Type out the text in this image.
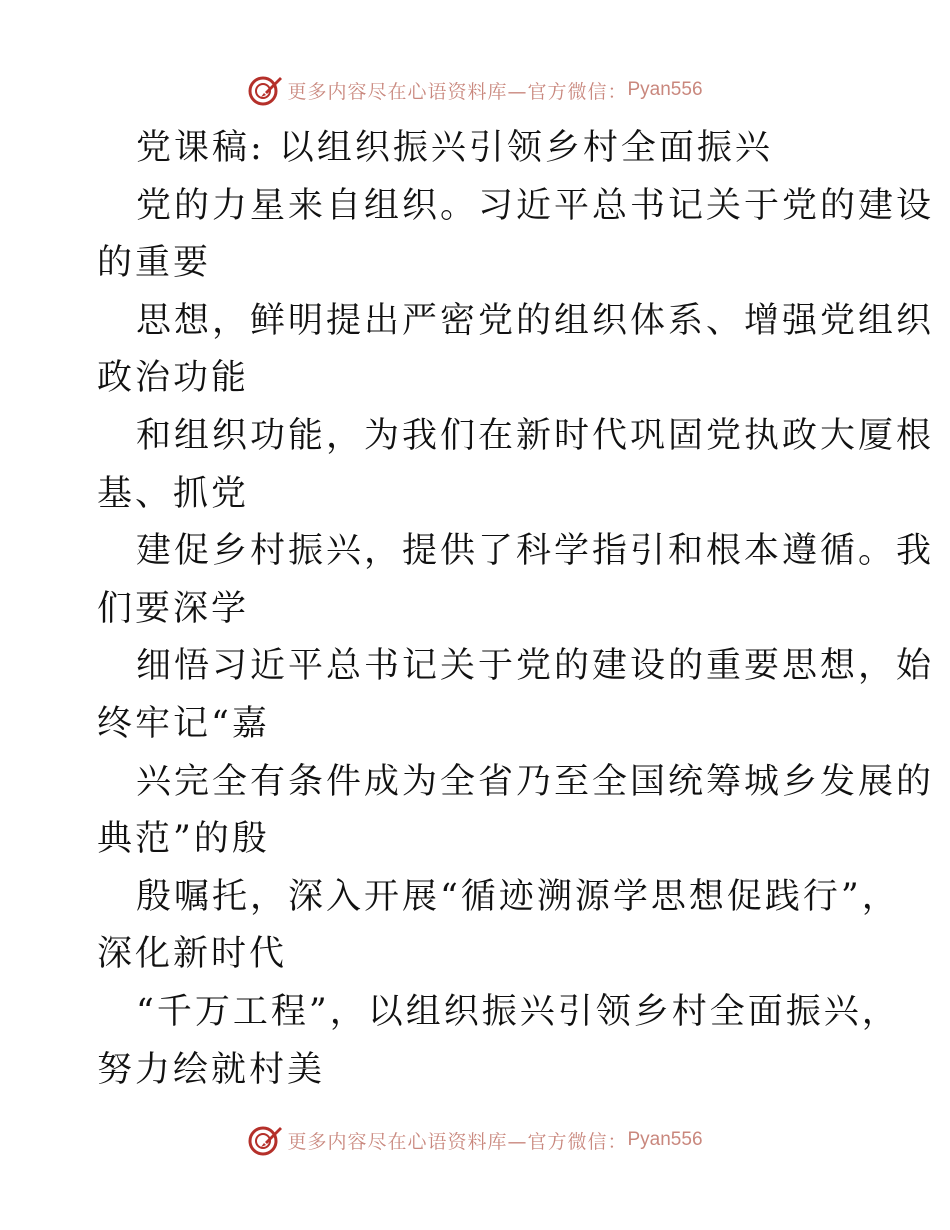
更多内容尽在心语资料库—官方微信： Pyan556
党课稿: 以组织振兴引领乡村全面振兴
党的力星来自组织。习近平总书记关于党的建设
的重要
思想，鲜明提出严密党的组织体系、增强党组织
政治功能
和组织功能，为我们在新时代巩固党执政大厦根
基、抓党
建促乡村振兴，提供了科学指引和根本遵循。我
们要深学
细悟习近平总书记关于党的建设的重要思想，始
终牢记“嘉
兴完全有条件成为全省乃至全国统筹城乡发展的
典范”的殷
殷嘱托，深入开展“循迹溯源学思想促践行”，
深化新时代
“千万工程”，以组织振兴引领乡村全面振兴，
努力绘就村美
更多内容尽在心语资料库—官方微信： Pyan556
